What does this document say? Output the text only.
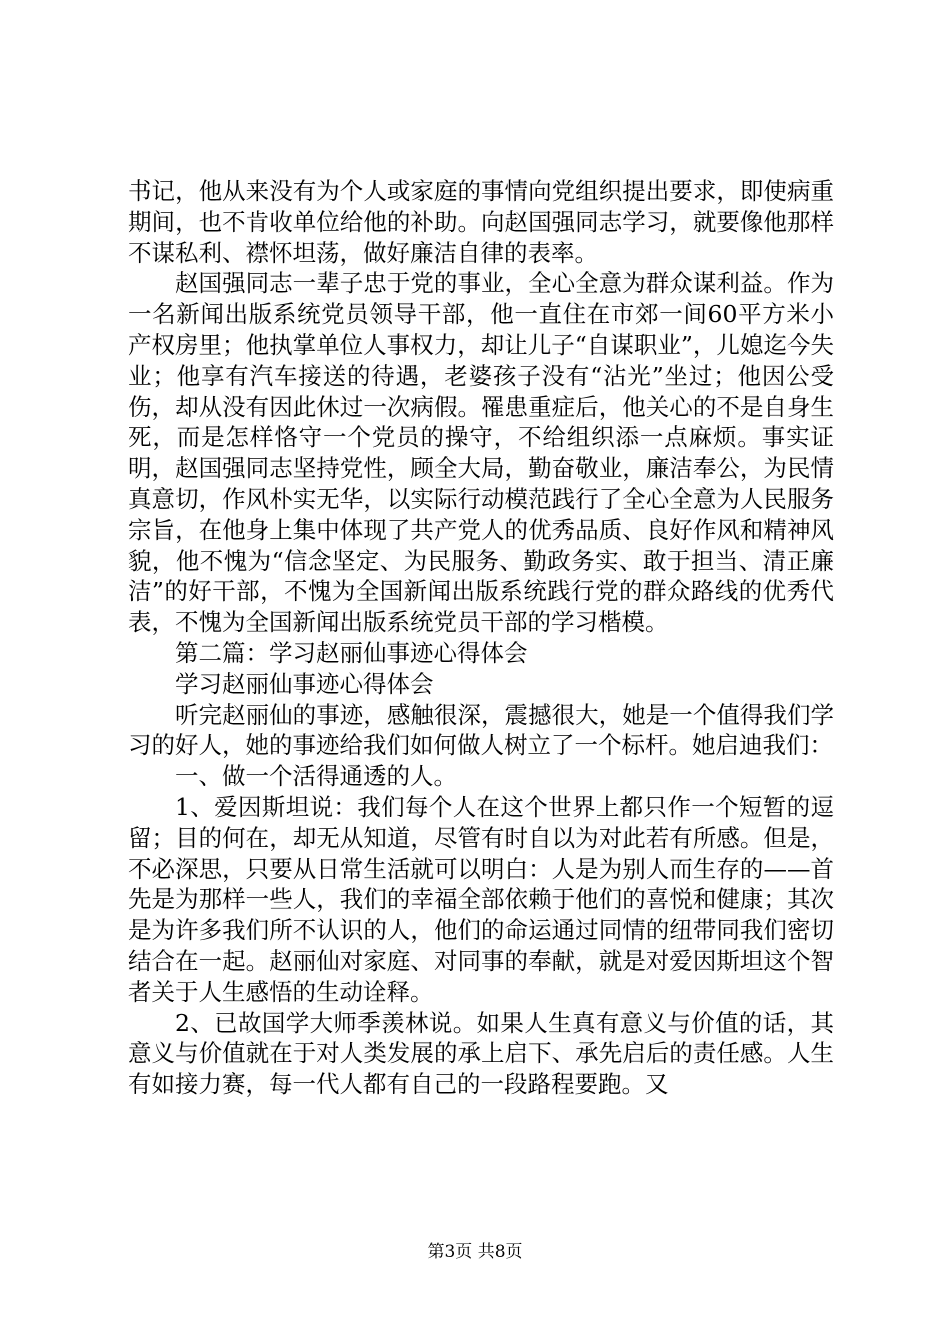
书记，他从来没有为个人或家庭的事情向党组织提出要求，即使病重期间，也不肯收单位给他的补助。向赵国强同志学习，就要像他那样不谋私利、襟怀坦荡，做好廉洁自律的表率。

赵国强同志一辈子忠于党的事业，全心全意为群众谋利益。作为一名新闻出版系统党员领导干部，他一直住在市郊一间60平方米小产权房里；他执掌单位人事权力，却让儿子“自谋职业”，儿媳迄今失业；他享有汽车接送的待遇，老婆孩子没有“沾光”坐过；他因公受伤，却从没有因此休过一次病假。罹患重症后，他关心的不是自身生死，而是怎样恪守一个党员的操守，不给组织添一点麻烦。事实证明，赵国强同志坚持党性，顾全大局，勤奋敬业，廉洁奉公，为民情真意切，作风朴实无华，以实际行动模范践行了全心全意为人民服务宗旨，在他身上集中体现了共产党人的优秀品质、良好作风和精神风貌，他不愧为“信念坚定、为民服务、勤政务实、敢于担当、清正廉洁”的好干部，不愧为全国新闻出版系统践行党的群众路线的优秀代表，不愧为全国新闻出版系统党员干部的学习楷模。

第二篇：学习赵丽仙事迹心得体会

学习赵丽仙事迹心得体会

听完赵丽仙的事迹，感触很深，震撼很大，她是一个值得我们学习的好人，她的事迹给我们如何做人树立了一个标杆。她启迪我们：

一、做一个活得通透的人。

1、爱因斯坦说：我们每个人在这个世界上都只作一个短暂的逗留；目的何在，却无从知道，尽管有时自以为对此若有所感。但是，不必深思，只要从日常生活就可以明白：人是为别人而生存的——首先是为那样一些人，我们的幸福全部依赖于他们的喜悦和健康；其次是为许多我们所不认识的人，他们的命运通过同情的纽带同我们密切结合在一起。赵丽仙对家庭、对同事的奉献，就是对爱因斯坦这个智者关于人生感悟的生动诠释。

2、已故国学大师季羡林说。如果人生真有意义与价值的话，其意义与价值就在于对人类发展的承上启下、承先启后的责任感。人生有如接力赛，每一代人都有自己的一段路程要跑。又

第3页 共8页
